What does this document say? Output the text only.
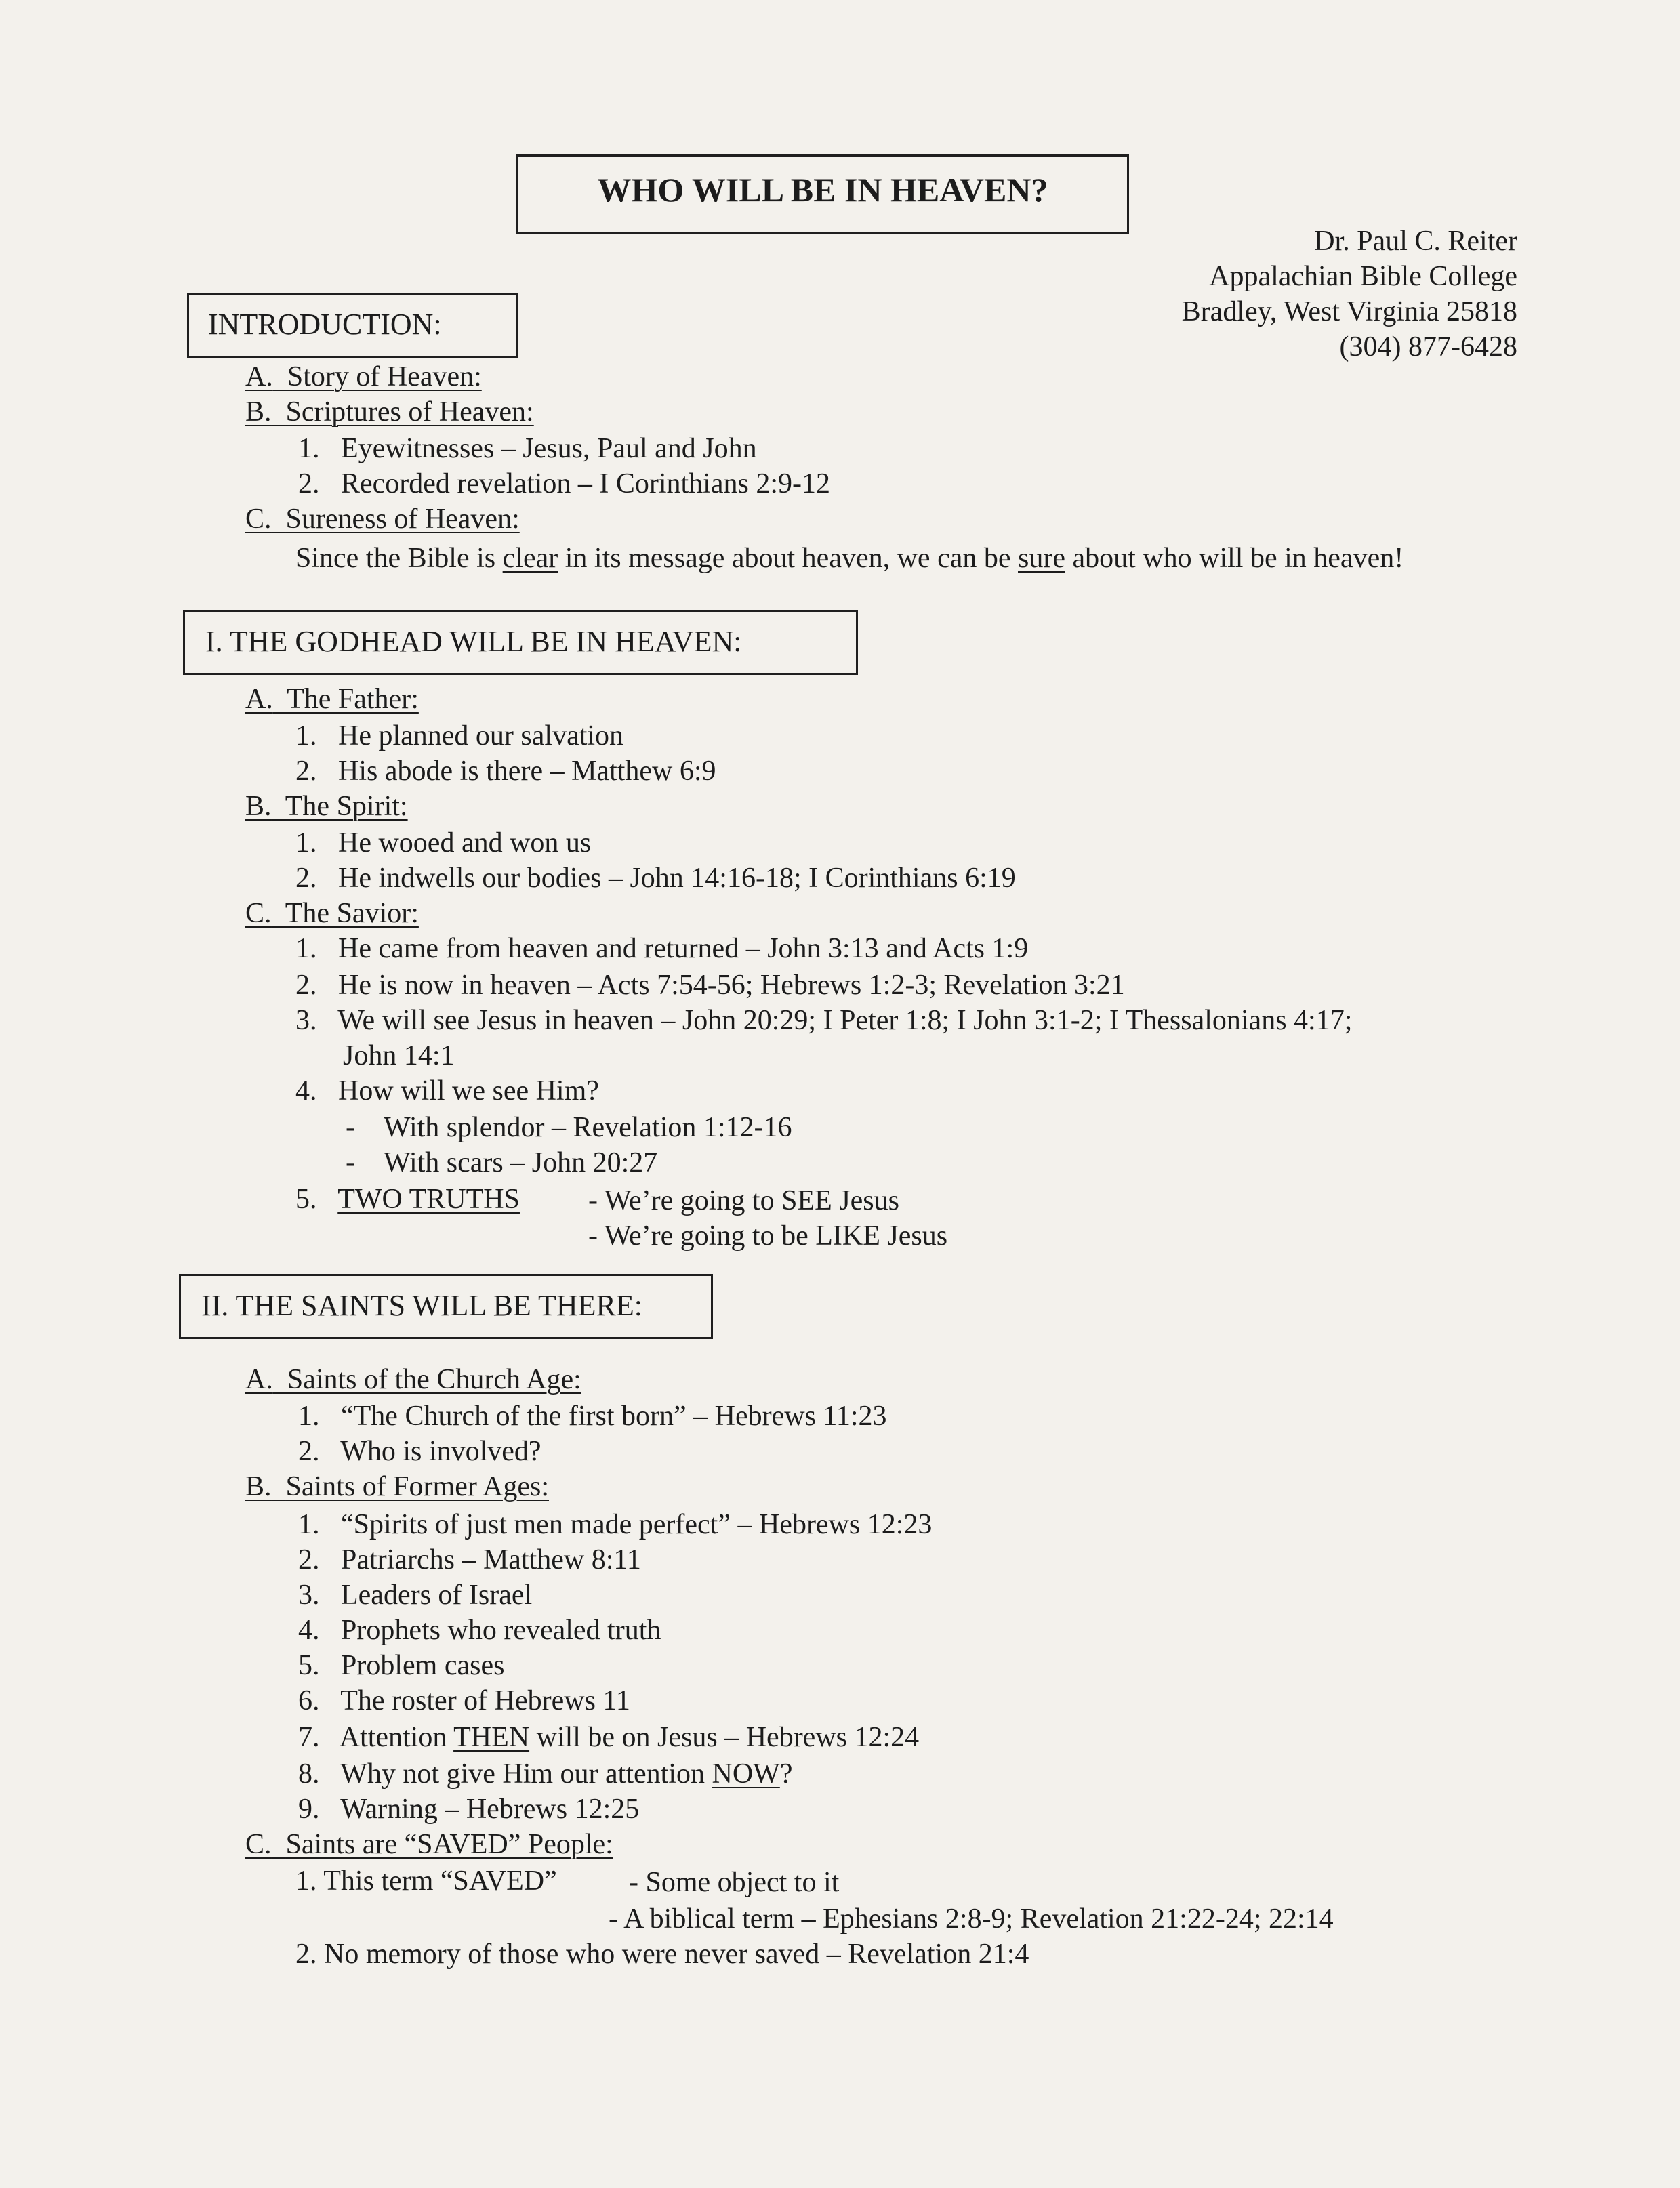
WHO WILL BE IN HEAVEN?
Dr. Paul C. Reiter
Appalachian Bible College
Bradley, West Virginia 25818
(304) 877-6428
INTRODUCTION:
A. Story of Heaven:
B. Scriptures of Heaven:
1. Eyewitnesses – Jesus, Paul and John
2. Recorded revelation – I Corinthians 2:9-12
C. Sureness of Heaven:
Since the Bible is clear in its message about heaven, we can be sure about who will be in heaven!
I. THE GODHEAD WILL BE IN HEAVEN:
A. The Father:
1. He planned our salvation
2. His abode is there – Matthew 6:9
B. The Spirit:
1. He wooed and won us
2. He indwells our bodies – John 14:16-18; I Corinthians 6:19
C. The Savior:
1. He came from heaven and returned – John 3:13 and Acts 1:9
2. He is now in heaven – Acts 7:54-56; Hebrews 1:2-3; Revelation 3:21
3. We will see Jesus in heaven – John 20:29; I Peter 1:8; I John 3:1-2; I Thessalonians 4:17;
John 14:1
4. How will we see Him?
- With splendor – Revelation 1:12-16
- With scars – John 20:27
5. TWO TRUTHS - We’re going to SEE Jesus
- We’re going to be LIKE Jesus
II. THE SAINTS WILL BE THERE:
A. Saints of the Church Age:
1. “The Church of the first born” – Hebrews 11:23
2. Who is involved?
B. Saints of Former Ages:
1. “Spirits of just men made perfect” – Hebrews 12:23
2. Patriarchs – Matthew 8:11
3. Leaders of Israel
4. Prophets who revealed truth
5. Problem cases
6. The roster of Hebrews 11
7. Attention THEN will be on Jesus – Hebrews 12:24
8. Why not give Him our attention NOW?
9. Warning – Hebrews 12:25
C. Saints are “SAVED” People:
1. This term “SAVED”	- Some object to it
- A biblical term – Ephesians 2:8-9; Revelation 21:22-24; 22:14
2. No memory of those who were never saved – Revelation 21:4
